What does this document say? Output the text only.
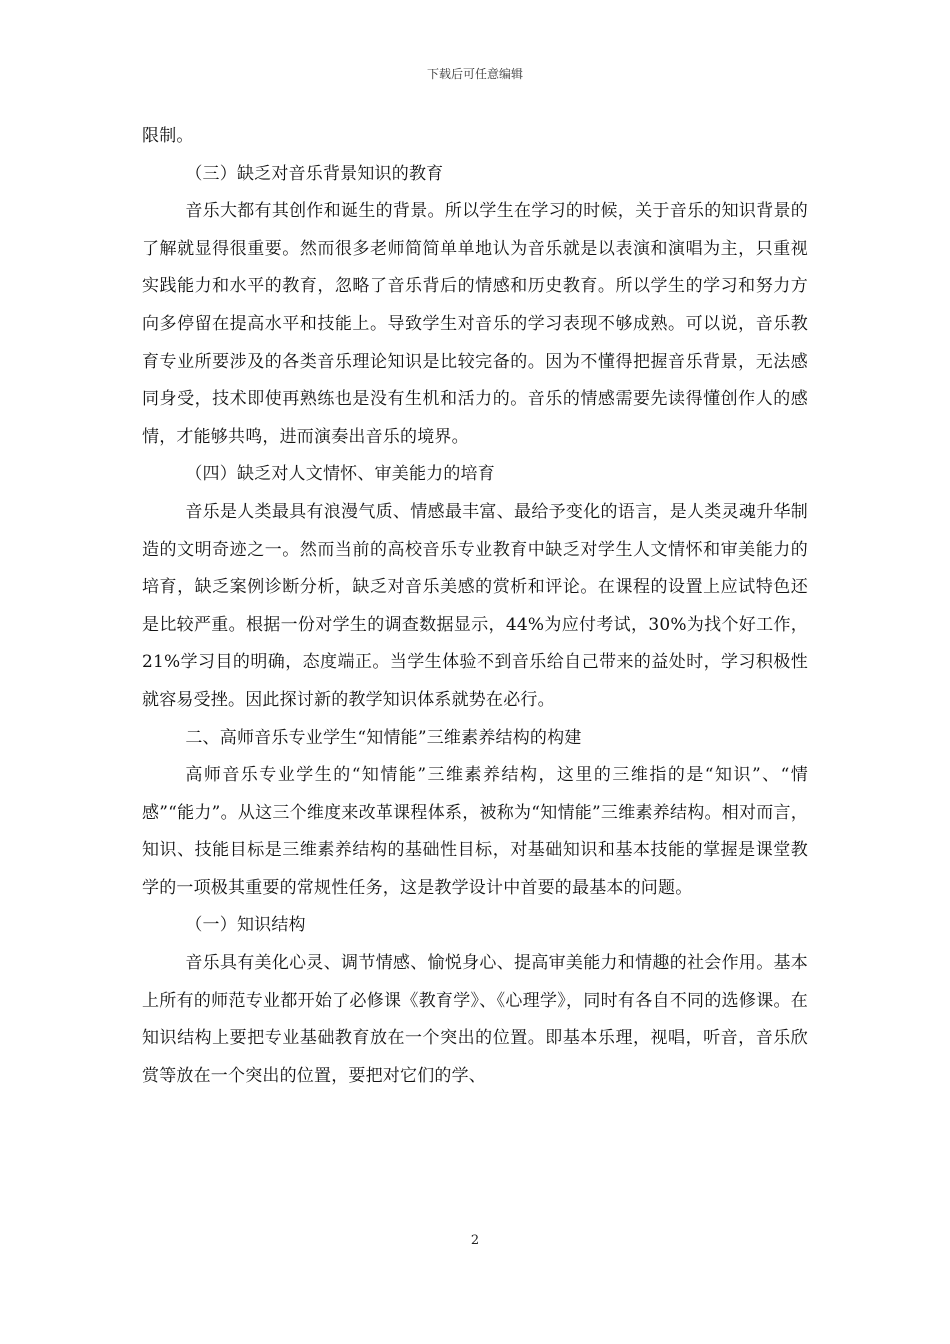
下载后可任意编辑

限制。

（三）缺乏对音乐背景知识的教育

音乐大都有其创作和诞生的背景。所以学生在学习的时候，关于音乐的知识背景的了解就显得很重要。然而很多老师简简单单地认为音乐就是以表演和演唱为主，只重视实践能力和水平的教育，忽略了音乐背后的情感和历史教育。所以学生的学习和努力方向多停留在提高水平和技能上。导致学生对音乐的学习表现不够成熟。可以说，音乐教育专业所要涉及的各类音乐理论知识是比较完备的。因为不懂得把握音乐背景，无法感同身受，技术即使再熟练也是没有生机和活力的。音乐的情感需要先读得懂创作人的感情，才能够共鸣，进而演奏出音乐的境界。

（四）缺乏对人文情怀、审美能力的培育

音乐是人类最具有浪漫气质、情感最丰富、最给予变化的语言，是人类灵魂升华制造的文明奇迹之一。然而当前的高校音乐专业教育中缺乏对学生人文情怀和审美能力的培育，缺乏案例诊断分析，缺乏对音乐美感的赏析和评论。在课程的设置上应试特色还是比较严重。根据一份对学生的调查数据显示，44%为应付考试，30%为找个好工作，21%学习目的明确，态度端正。当学生体验不到音乐给自己带来的益处时，学习积极性就容易受挫。因此探讨新的教学知识体系就势在必行。

二、高师音乐专业学生“知情能”三维素养结构的构建

高师音乐专业学生的“知情能”三维素养结构，这里的三维指的是“知识”、“情感”“能力”。从这三个维度来改革课程体系，被称为“知情能”三维素养结构。相对而言，知识、技能目标是三维素养结构的基础性目标，对基础知识和基本技能的掌握是课堂教学的一项极其重要的常规性任务，这是教学设计中首要的最基本的问题。

（一）知识结构

音乐具有美化心灵、调节情感、愉悦身心、提高审美能力和情趣的社会作用。基本上所有的师范专业都开始了必修课《教育学》、《心理学》，同时有各自不同的选修课。在知识结构上要把专业基础教育放在一个突出的位置。即基本乐理，视唱，听音，音乐欣赏等放在一个突出的位置，要把对它们的学、

2
